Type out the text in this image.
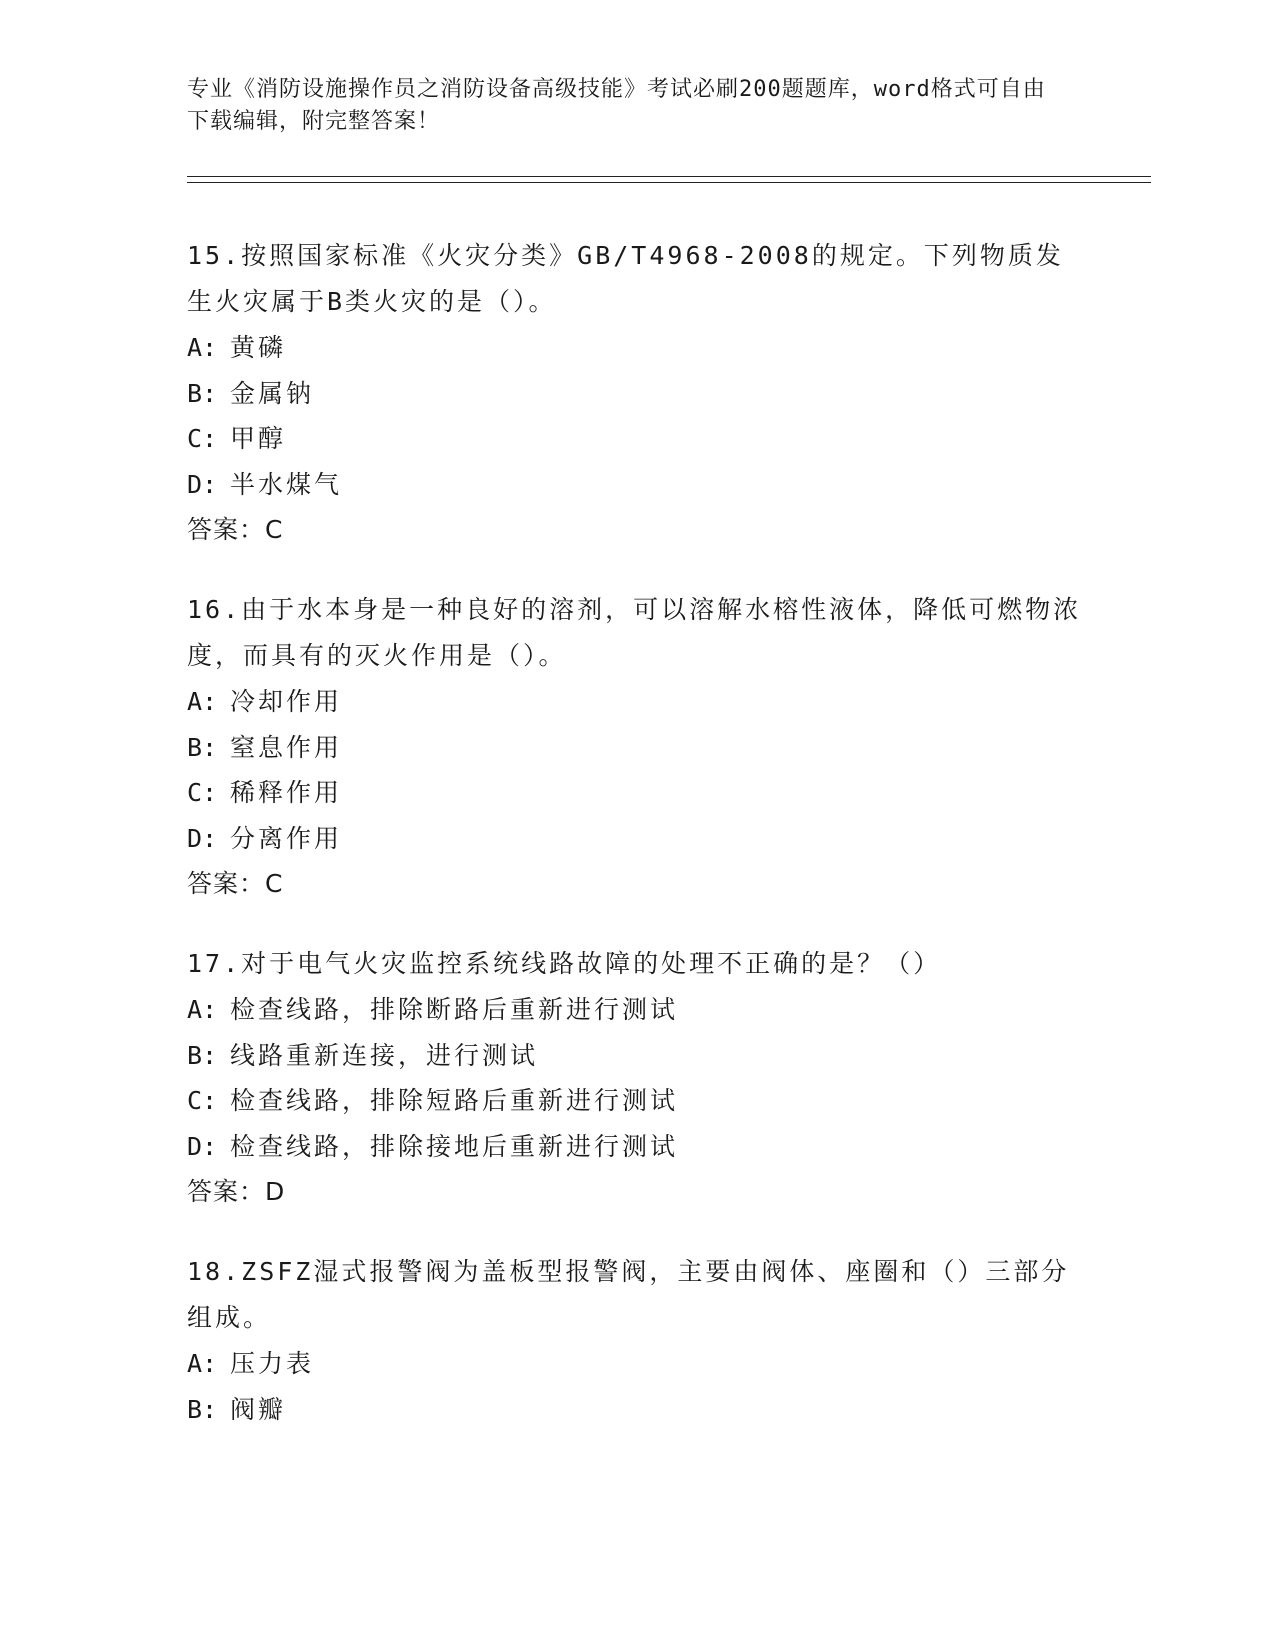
专业《消防设施操作员之消防设备高级技能》考试必刷200题题库，word格式可自由下载编辑，附完整答案！
15.按照国家标准《火灾分类》GB/T4968-2008的规定。下列物质发生火灾属于B类火灾的是（）。
A: 黄磷
B: 金属钠
C: 甲醇
D: 半水煤气
答案：C
16.由于水本身是一种良好的溶剂，可以溶解水榕性液体，降低可燃物浓度，而具有的灭火作用是（）。
A: 冷却作用
B: 窒息作用
C: 稀释作用
D: 分离作用
答案：C
17.对于电气火灾监控系统线路故障的处理不正确的是？（）
A: 检查线路，排除断路后重新进行测试
B: 线路重新连接，进行测试
C: 检查线路，排除短路后重新进行测试
D: 检查线路，排除接地后重新进行测试
答案：D
18.ZSFZ湿式报警阀为盖板型报警阀，主要由阀体、座圈和（）三部分组成。
A: 压力表
B: 阀瓣
